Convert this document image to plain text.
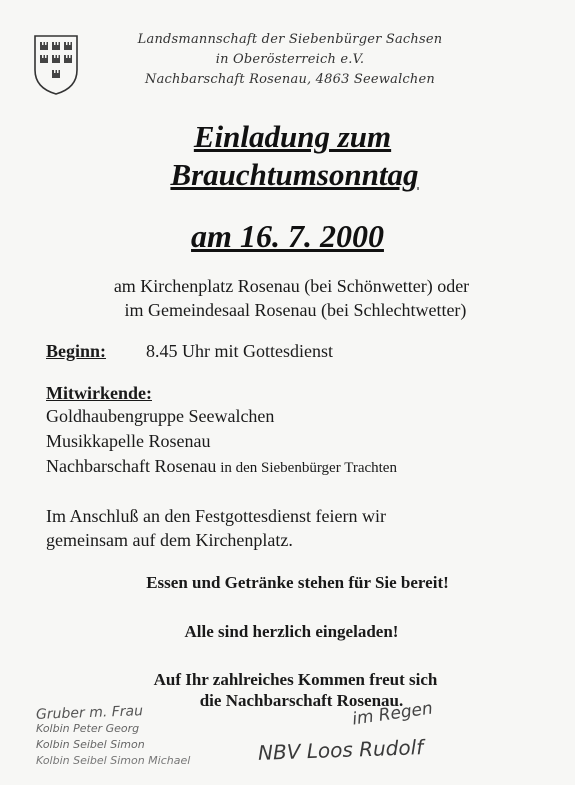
Landsmannschaft der Siebenbürger Sachsen
in Oberösterreich e.V.
Nachbarschaft Rosenau, 4863 Seewalchen
Einladung zum
Brauchtumsonntag
am 16. 7. 2000
am Kirchenplatz Rosenau (bei Schönwetter) oder
im Gemeindesaal Rosenau (bei Schlechtwetter)
Beginn: 8.45 Uhr mit Gottesdienst
Mitwirkende:
Goldhaubengruppe Seewalchen
Musikkapelle Rosenau
Nachbarschaft Rosenau in den Siebenbürger Trachten
Im Anschluß an den Festgottesdienst feiern wir
gemeinsam auf dem Kirchenplatz.
Essen und Getränke stehen für Sie bereit!
Alle sind herzlich eingeladen!
Auf Ihr zahlreiches Kommen freut sich
die Nachbarschaft Rosenau.
Gruber m. Frau
Kolbin Peter Georg
Kolbin Seibel Simon
Kolbin Seibel Simon Michael
im Regen
NBV Loos Rudolf
